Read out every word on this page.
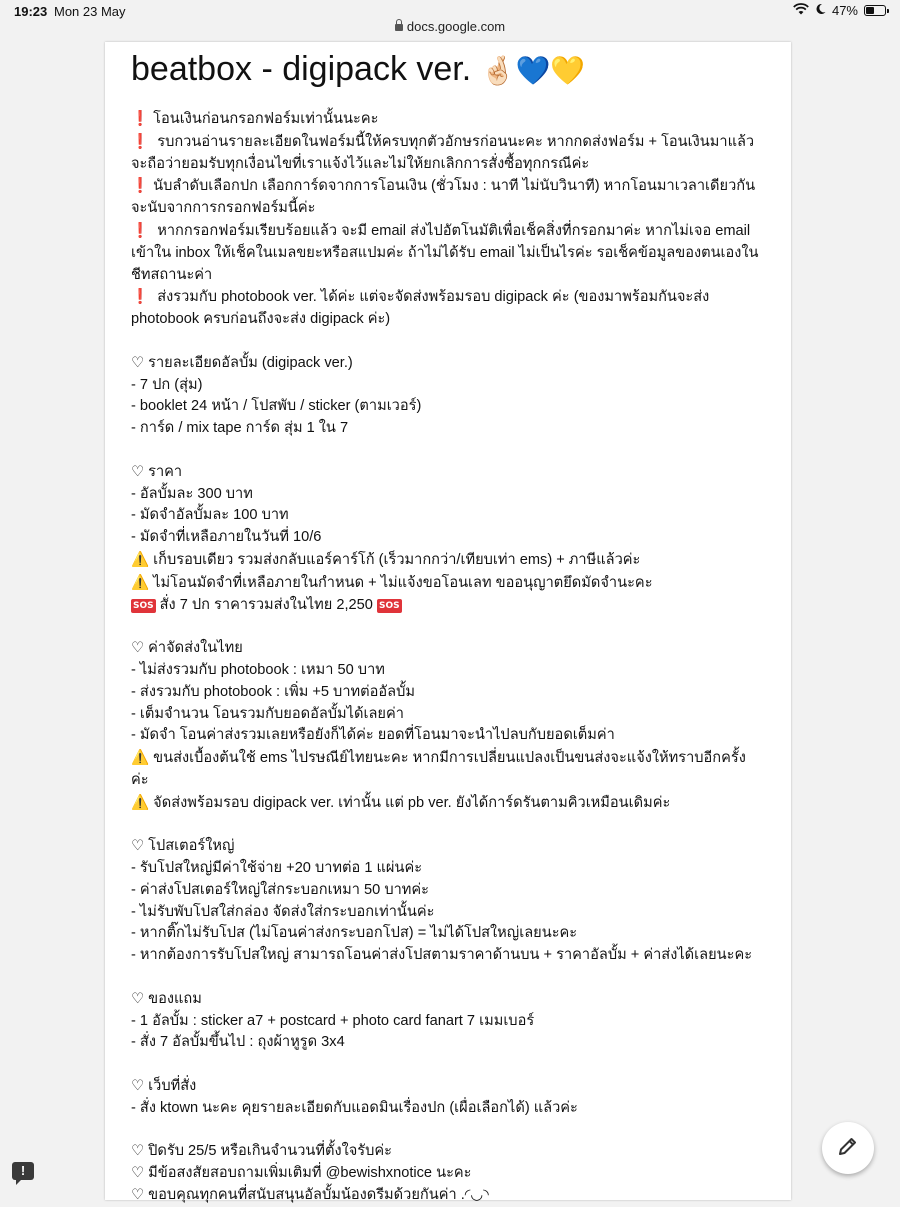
19:23 Mon 23 May	47%
docs.google.com
beatbox - digipack ver. 🤞🏻💙💛
❗ โอนเงินก่อนกรอกฟอร์มเท่านั้นนะคะ
❗ รบกวนอ่านรายละเอียดในฟอร์มนี้ให้ครบทุกตัวอักษรก่อนนะคะ หากกดส่งฟอร์ม + โอนเงินมาแล้ว
จะถือว่ายอมรับทุกเงื่อนไขที่เราแจ้งไว้และไม่ให้ยกเลิกการสั่งซื้อทุกกรณีค่ะ
❗ นับลำดับเลือกปก เลือกการ์ดจากการโอนเงิน (ชั่วโมง : นาที ไม่นับวินาที) หากโอนมาเวลาเดียวกัน
จะนับจากการกรอกฟอร์มนี้ค่ะ
❗ หากกรอกฟอร์มเรียบร้อยแล้ว จะมี email ส่งไปอัตโนมัติเพื่อเช็คสิ่งที่กรอกมาค่ะ หากไม่เจอ email
เข้าใน inbox ให้เช็คในเมลขยะหรือสแปมค่ะ ถ้าไม่ได้รับ email ไม่เป็นไรค่ะ รอเช็คข้อมูลของตนเองใน
ชีทสถานะค่า
❗ ส่งรวมกับ photobook ver. ได้ค่ะ แต่จะจัดส่งพร้อมรอบ digipack ค่ะ (ของมาพร้อมกันจะส่ง
photobook ครบก่อนถึงจะส่ง digipack ค่ะ)
♡ รายละเอียดอัลบั้ม (digipack ver.)
- 7 ปก (สุ่ม)
- booklet 24 หน้า / โปสพับ / sticker (ตามเวอร์)
- การ์ด / mix tape การ์ด สุ่ม 1 ใน 7
♡ ราคา
- อัลบั้มละ 300 บาท
- มัดจำอัลบั้มละ 100 บาท
- มัดจำที่เหลือภายในวันที่ 10/6
⚠️ เก็บรอบเดียว รวมส่งกลับแอร์คาร์โก้ (เร็วมากกว่า/เทียบเท่า ems) + ภาษีแล้วค่ะ
⚠️ ไม่โอนมัดจำที่เหลือภายในกำหนด + ไม่แจ้งขอโอนเลท ขออนุญาตยึดมัดจำนะคะ
SOS สั่ง 7 ปก ราคารวมส่งในไทย 2,250 SOS
♡ ค่าจัดส่งในไทย
- ไม่ส่งรวมกับ photobook : เหมา 50 บาท
- ส่งรวมกับ photobook : เพิ่ม +5 บาทต่ออัลบั้ม
- เต็มจำนวน โอนรวมกับยอดอัลบั้มได้เลยค่า
- มัดจำ โอนค่าส่งรวมเลยหรือยังก็ได้ค่ะ ยอดที่โอนมาจะนำไปลบกับยอดเต็มค่า
⚠️ ขนส่งเบื้องต้นใช้ ems ไปรษณีย์ไทยนะคะ หากมีการเปลี่ยนแปลงเป็นขนส่งจะแจ้งให้ทราบอีกครั้ง
ค่ะ
⚠️ จัดส่งพร้อมรอบ digipack ver. เท่านั้น แต่ pb ver. ยังได้การ์ดรันตามคิวเหมือนเดิมค่ะ
♡ โปสเตอร์ใหญ่
- รับโปสใหญ่มีค่าใช้จ่าย +20 บาทต่อ 1 แผ่นค่ะ
- ค่าส่งโปสเตอร์ใหญ่ใส่กระบอกเหมา 50 บาทค่ะ
- ไม่รับพับโปสใส่กล่อง จัดส่งใส่กระบอกเท่านั้นค่ะ
- หากติ๊กไม่รับโปส (ไม่โอนค่าส่งกระบอกโปส) = ไม่ได้โปสใหญ่เลยนะคะ
- หากต้องการรับโปสใหญ่ สามารถโอนค่าส่งโปสตามราคาด้านบน + ราคาอัลบั้ม + ค่าส่งได้เลยนะคะ
♡ ของแถม
- 1 อัลบั้ม : sticker a7 + postcard + photo card fanart 7 เมมเบอร์
- สั่ง 7 อัลบั้มขึ้นไป : ถุงผ้าหูรูด 3x4
♡ เว็บที่สั่ง
- สั่ง ktown นะคะ คุยรายละเอียดกับแอดมินเรื่องปก (เผื่อเลือกได้) แล้วค่ะ
♡ ปิดรับ 25/5 หรือเกินจำนวนที่ตั้งใจรับค่ะ
♡ มีข้อสงสัยสอบถามเพิ่มเติมที่ @bewishxnotice นะคะ
♡ ขอบคุณทุกคนที่สนับสนุนอัลบั้มน้องดรีมด้วยกันค่า .◜◡◝
!
